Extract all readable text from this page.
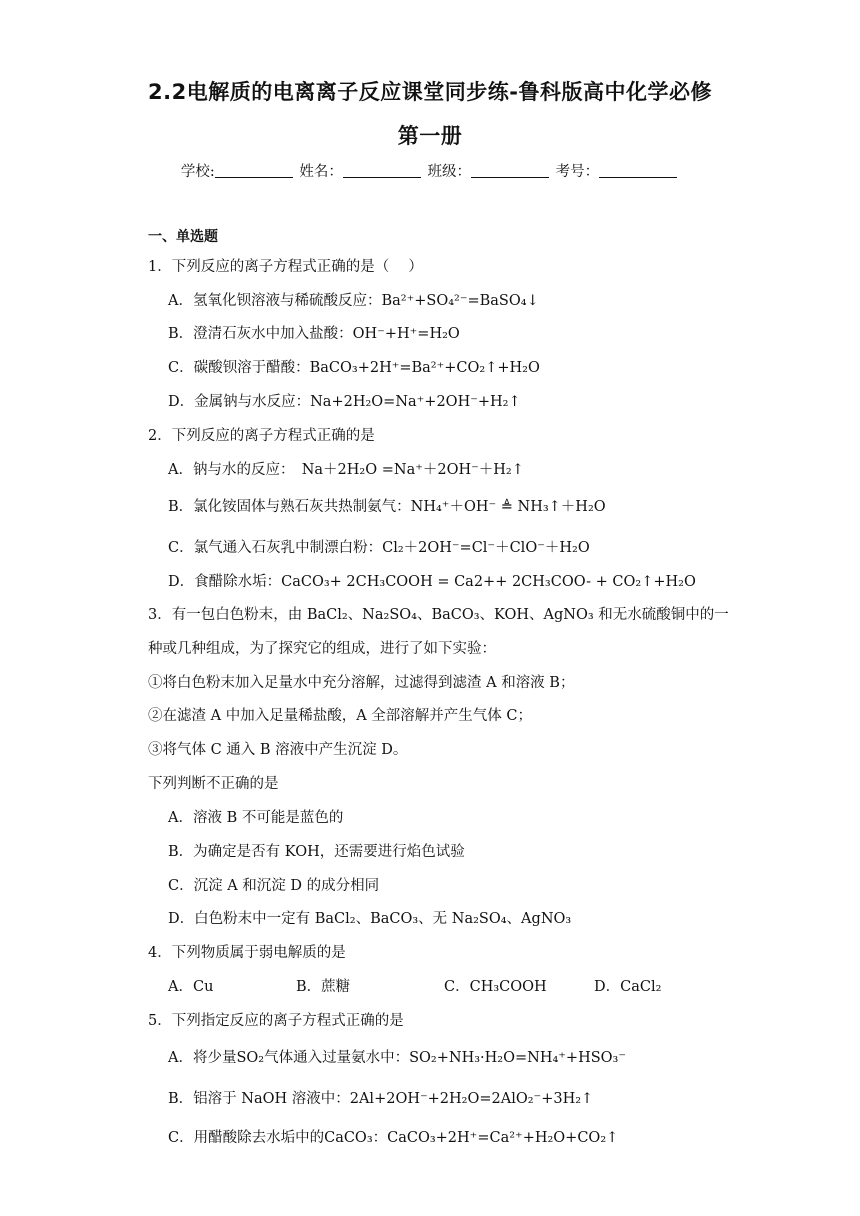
2.2电解质的电离离子反应课堂同步练-鲁科版高中化学必修
第一册
学校:	姓名：	班级：	考号：
一、单选题
1．下列反应的离子方程式正确的是（　 ）
A．氢氧化钡溶液与稀硫酸反应：Ba²⁺+SO₄²⁻=BaSO₄↓
B．澄清石灰水中加入盐酸：OH⁻+H⁺=H₂O
C．碳酸钡溶于醋酸：BaCO₃+2H⁺=Ba²⁺+CO₂↑+H₂O
D．金属钠与水反应：Na+2H₂O=Na⁺+2OH⁻+H₂↑
2．下列反应的离子方程式正确的是
A．钠与水的反应：　Na＋2H₂O =Na⁺＋2OH⁻＋H₂↑
B．氯化铵固体与熟石灰共热制氨气：NH₄⁺＋OH⁻ ≜ NH₃↑＋H₂O
C．氯气通入石灰乳中制漂白粉：Cl₂＋2OH⁻=Cl⁻＋ClO⁻＋H₂O
D．食醋除水垢：CaCO₃+ 2CH₃COOH = Ca2++ 2CH₃COO- + CO₂↑+H₂O
3．有一包白色粉末，由 BaCl₂、Na₂SO₄、BaCO₃、KOH、AgNO₃ 和无水硫酸铜中的一
种或几种组成，为了探究它的组成，进行了如下实验：
①将白色粉末加入足量水中充分溶解，过滤得到滤渣 A 和溶液 B；
②在滤渣 A 中加入足量稀盐酸，A 全部溶解并产生气体 C；
③将气体 C 通入 B 溶液中产生沉淀 D。
下列判断不正确的是
A．溶液 B 不可能是蓝色的
B．为确定是否有 KOH，还需要进行焰色试验
C．沉淀 A 和沉淀 D 的成分相同
D．白色粉末中一定有 BaCl₂、BaCO₃、无 Na₂SO₄、AgNO₃
4．下列物质属于弱电解质的是
A．Cu	B．蔗糖	C．CH₃COOH	D．CaCl₂
5．下列指定反应的离子方程式正确的是
A．将少量SO₂气体通入过量氨水中：SO₂+NH₃·H₂O=NH₄⁺+HSO₃⁻
B．铝溶于 NaOH 溶液中：2Al+2OH⁻+2H₂O=2AlO₂⁻+3H₂↑
C．用醋酸除去水垢中的CaCO₃：CaCO₃+2H⁺=Ca²⁺+H₂O+CO₂↑
